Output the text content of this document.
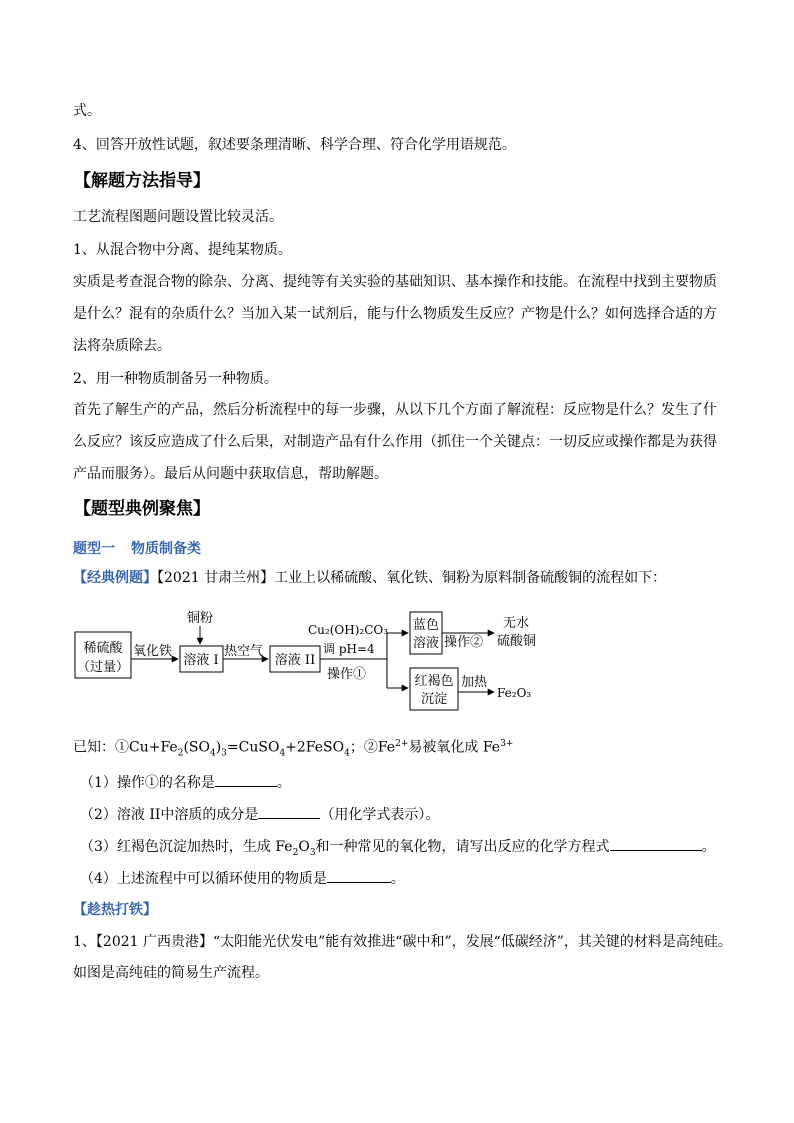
式。
4、回答开放性试题，叙述要条理清晰、科学合理、符合化学用语规范。
【解题方法指导】
工艺流程图题问题设置比较灵活。
1、从混合物中分离、提纯某物质。
实质是考查混合物的除杂、分离、提纯等有关实验的基础知识、基本操作和技能。在流程中找到主要物质
是什么？混有的杂质什么？当加入某一试剂后，能与什么物质发生反应？产物是什么？如何选择合适的方
法将杂质除去。
2、用一种物质制备另一种物质。
首先了解生产的产品，然后分析流程中的每一步骤，从以下几个方面了解流程：反应物是什么？发生了什
么反应？该反应造成了什么后果，对制造产品有什么作用（抓住一个关键点：一切反应或操作都是为获得
产品而服务）。最后从问题中获取信息，帮助解题。
【题型典例聚焦】
题型一 物质制备类
【经典例题】【2021 甘肃兰州】工业上以稀硫酸、氧化铁、铜粉为原料制备硫酸铜的流程如下：
稀硫酸
（过量）
氧化铁
铜粉
溶液 I
热空气
溶液 II
Cu₂(OH)₂CO₃
调 pH=4
操作①
蓝色
溶液 操作②
无水
硫酸铜
红褐色
沉淀
加热
Fe₂O₃
已知：$①Cu+Fe_2(SO_4)_3=CuSO_4+2FeSO_4$；$②Fe^{2+}$易被氧化成 $Fe^{3+}$
（1）操作①的名称是	。
（2）溶液 II中溶质的成分是	（用化学式表示）。
（3）红褐色沉淀加热时，生成 $Fe_2O_3$和一种常见的氧化物，请写出反应的化学方程式	。
（4）上述流程中可以循环使用的物质是	。
【趁热打铁】
1、【2021 广西贵港】“太阳能光伏发电”能有效推进“碳中和”，发展“低碳经济”，其关键的材料是高纯硅。
如图是高纯硅的简易生产流程。
